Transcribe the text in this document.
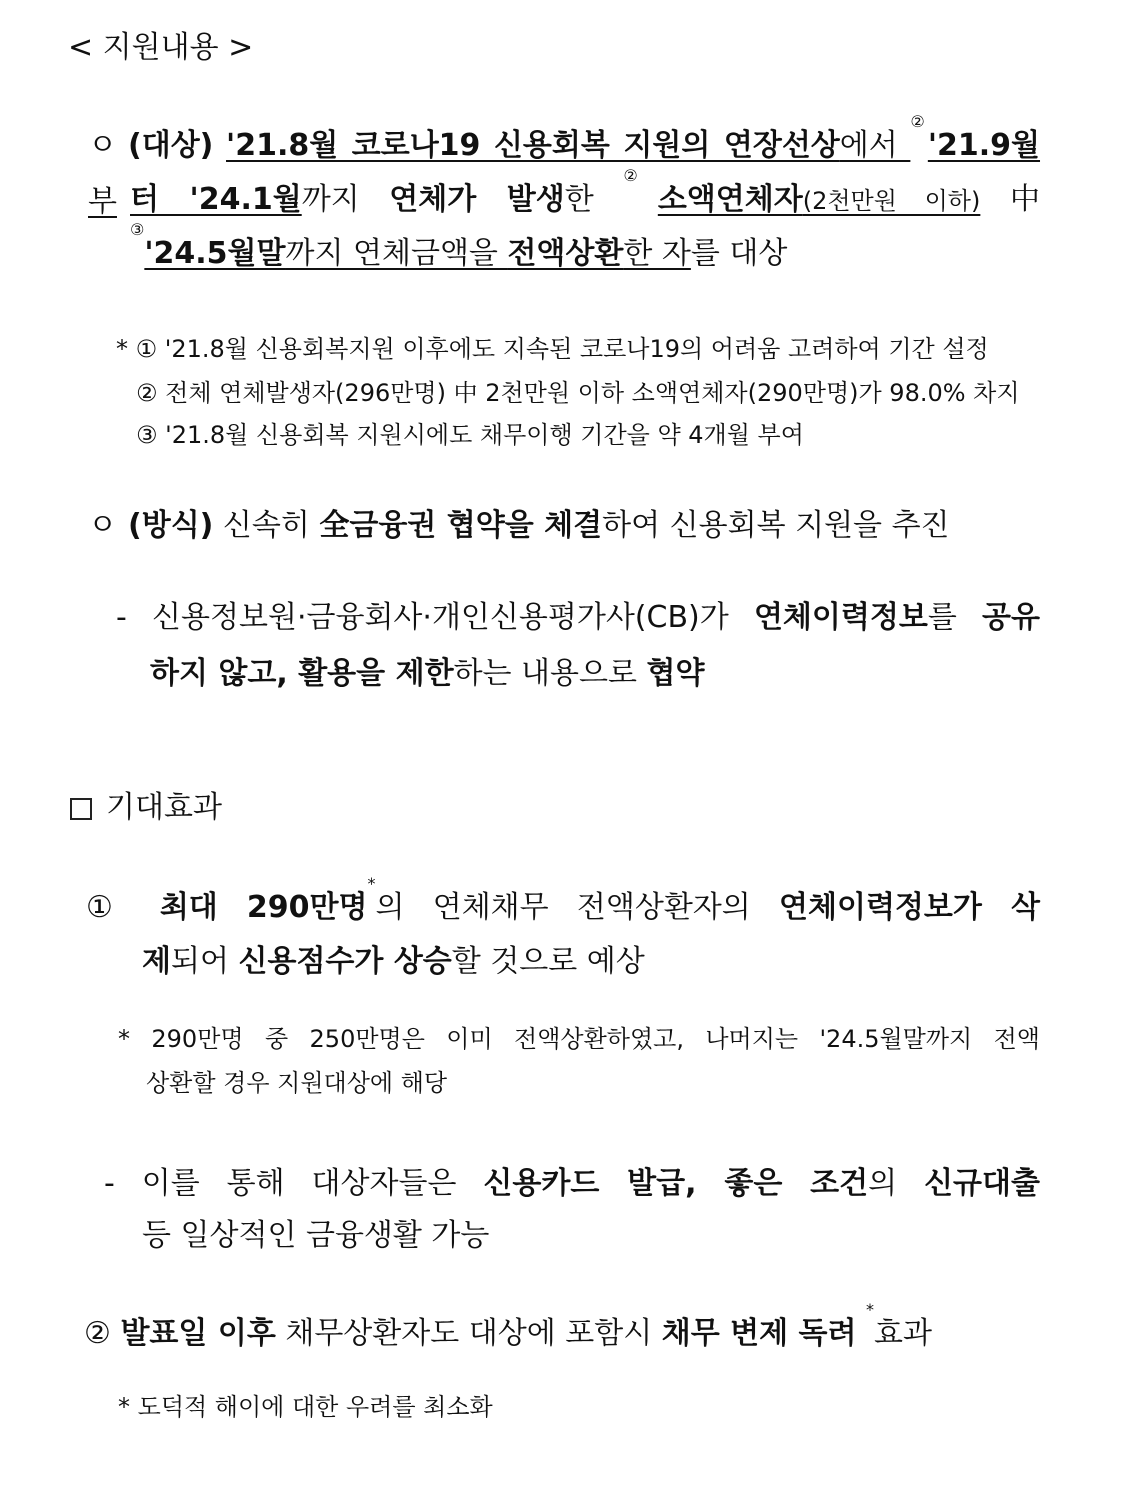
< 지원내용 >
ㅇ (대상) '21.8월 코로나19 신용회복 지원의 연장선상에서 ②'21.9월부 터 '24.1월까지 연체가 발생한 ②소액연체자(2천만원 이하) 中
③'24.5월말까지 연체금액을 전액상환한 자를 대상
* ① '21.8월 신용회복지원 이후에도 지속된 코로나19의 어려움 고려하여 기간 설정
② 전체 연체발생자(296만명) 中 2천만원 이하 소액연체자(290만명)가 98.0% 차지
③ '21.8월 신용회복 지원시에도 채무이행 기간을 약 4개월 부여
ㅇ (방식) 신속히 全금융권 협약을 체결하여 신용회복 지원을 추진
- 신용정보원·금융회사·개인신용평가사(CB)가 연체이력정보를 공유
하지 않고, 활용을 제한하는 내용으로 협약
기대효과
① 최대 290만명*의 연체채무 전액상환자의 연체이력정보가 삭
제되어 신용점수가 상승할 것으로 예상
* 290만명 중 250만명은 이미 전액상환하였고, 나머지는 '24.5월말까지 전액
상환할 경우 지원대상에 해당
- 이를 통해 대상자들은 신용카드 발급, 좋은 조건의 신규대출
등 일상적인 금융생활 가능
② 발표일 이후 채무상환자도 대상에 포함시 채무 변제 독려 *효과
* 도덕적 해이에 대한 우려를 최소화
